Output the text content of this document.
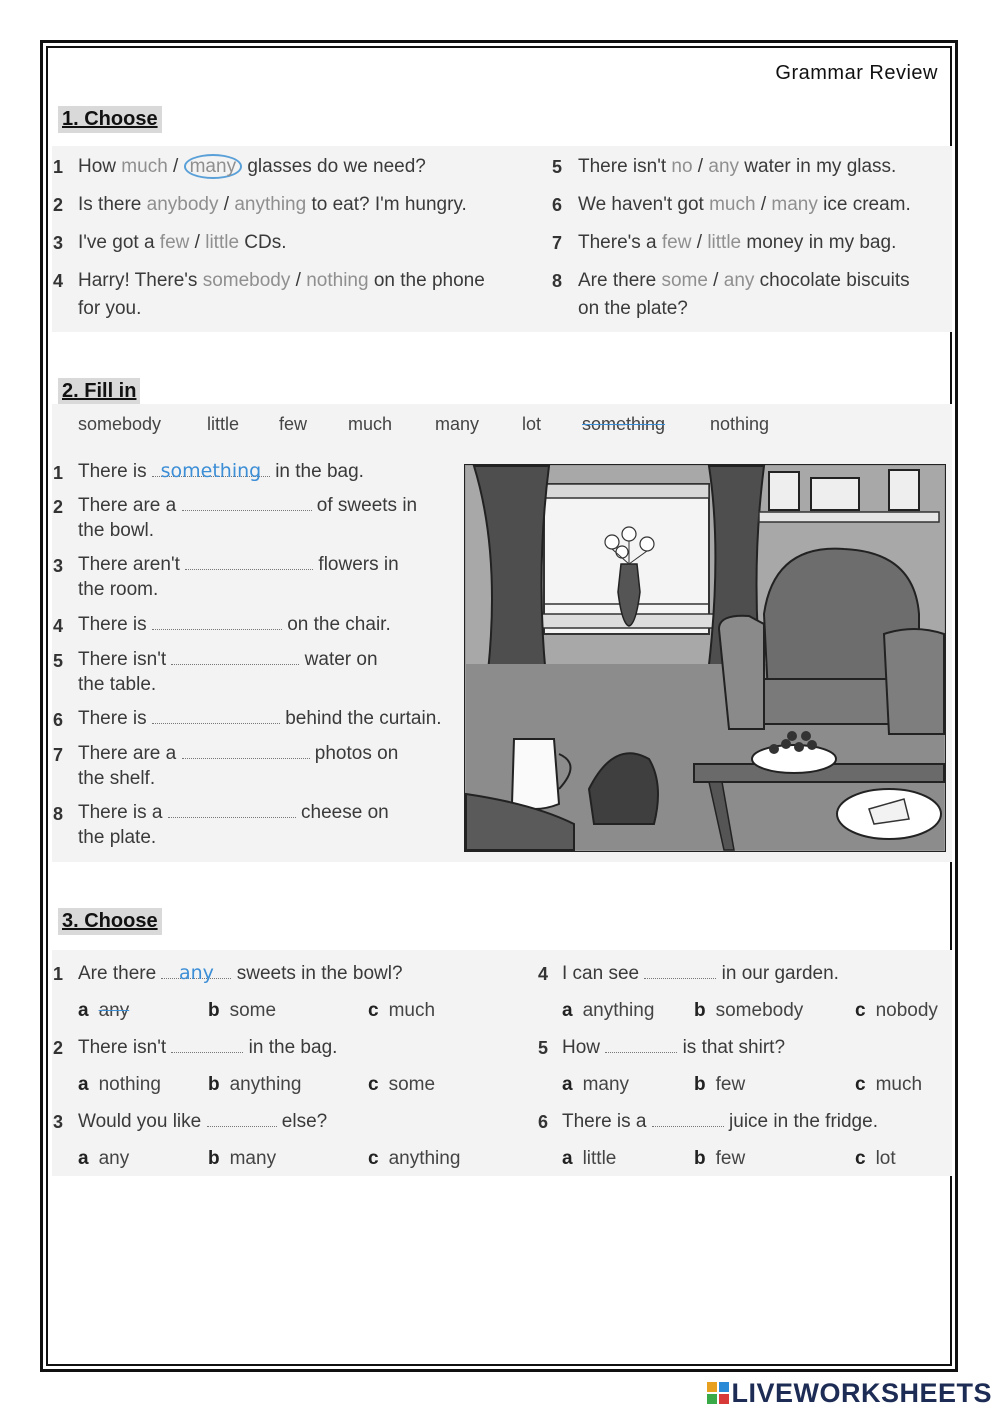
Grammar Review
1. Choose
1 How much / many glasses do we need?
2 Is there anybody / anything to eat? I'm hungry.
3 I've got a few / little CDs.
4 Harry! There's somebody / nothing on the phone
for you.
5 There isn't no / any water in my glass.
6 We haven't got much / many ice cream.
7 There's a few / little money in my bag.
8 Are there some / any chocolate biscuits
on the plate?
2. Fill in
somebody	little few much many lot something nothing
1 There is something in the bag.
2 There are a	of sweets in
the bowl.
3 There aren't	flowers in
the room.
4 There is	on the chair.
5 There isn't	water on
the table.
6 There is	behind the curtain.
7 There are a	photos on
the shelf.
8 There is a	cheese on
the plate.
3. Choose
1 Are there any sweets in the bowl?
a any	b some	c much
2 There isn't	in the bag.
a nothing b anything	c some
3 Would you like	else?
a any	b many	c anything
4 I can see	in our garden.
a anything b somebody	c nobody
5 How	is that shirt?
a many	b few	c much
6 There is a	juice in the fridge.
a little	b few	c lot
LIVEWORKSHEETS
